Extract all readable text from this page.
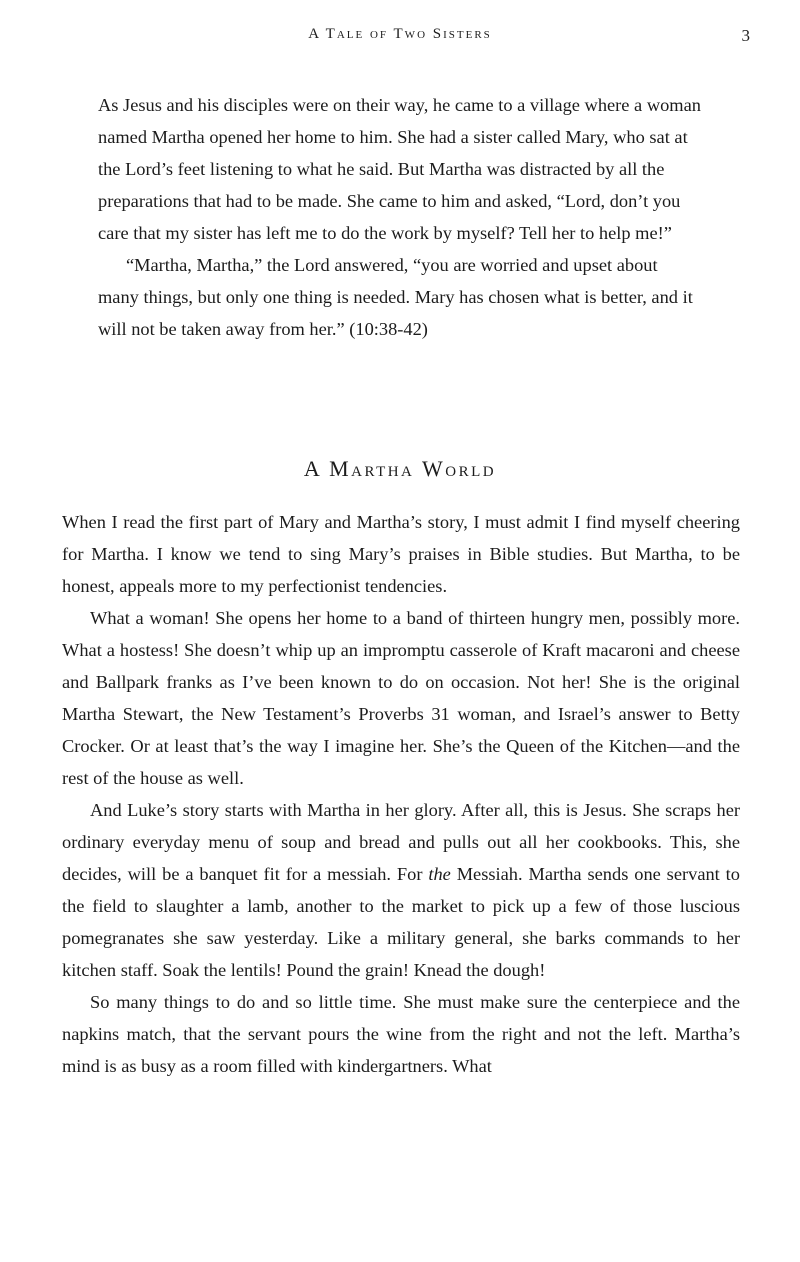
A Tale of Two Sisters	3

As Jesus and his disciples were on their way, he came to a village where a woman named Martha opened her home to him. She had a sister called Mary, who sat at the Lord’s feet listening to what he said. But Martha was distracted by all the preparations that had to be made. She came to him and asked, “Lord, don’t you care that my sister has left me to do the work by myself? Tell her to help me!”

“Martha, Martha,” the Lord answered, “you are worried and upset about many things, but only one thing is needed. Mary has chosen what is better, and it will not be taken away from her.” (10:38-42)

A Martha World

When I read the first part of Mary and Martha’s story, I must admit I find myself cheering for Martha. I know we tend to sing Mary’s praises in Bible studies. But Martha, to be honest, appeals more to my perfectionist tendencies.

What a woman! She opens her home to a band of thirteen hungry men, possibly more. What a hostess! She doesn’t whip up an impromptu casserole of Kraft macaroni and cheese and Ballpark franks as I’ve been known to do on occasion. Not her! She is the original Martha Stewart, the New Testament’s Proverbs 31 woman, and Israel’s answer to Betty Crocker. Or at least that’s the way I imagine her. She’s the Queen of the Kitchen—and the rest of the house as well.

And Luke’s story starts with Martha in her glory. After all, this is Jesus. She scraps her ordinary everyday menu of soup and bread and pulls out all her cookbooks. This, she decides, will be a banquet fit for a messiah. For the Messiah. Martha sends one servant to the field to slaughter a lamb, another to the market to pick up a few of those luscious pomegranates she saw yesterday. Like a military general, she barks commands to her kitchen staff. Soak the lentils! Pound the grain! Knead the dough!

So many things to do and so little time. She must make sure the centerpiece and the napkins match, that the servant pours the wine from the right and not the left. Martha’s mind is as busy as a room filled with kindergartners. What
